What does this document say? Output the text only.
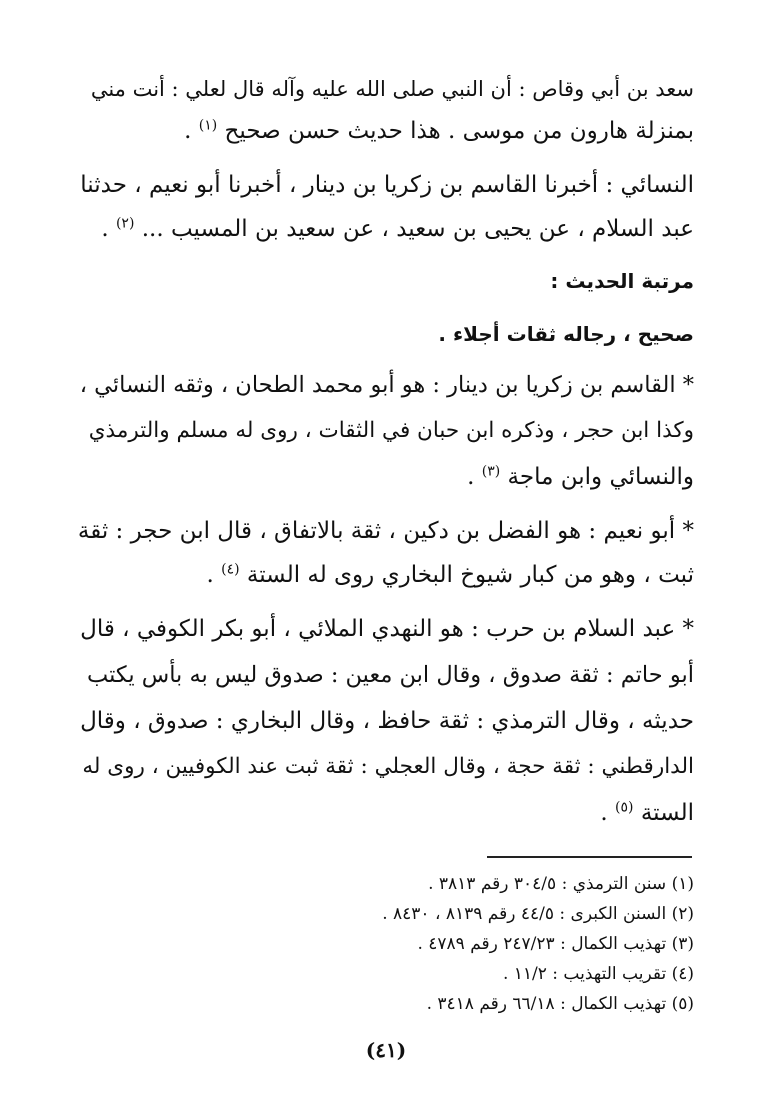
سعد بن أبي وقاص : أن النبي صلى الله عليه وآله قال لعلي : أنت مني
بمنزلة هارون من موسى . هذا حديث حسن صحيح $^{(١)}$ .
النسائي : أخبرنا القاسم بن زكريا بن دينار ، أخبرنا أبو نعيم ، حدثنا
عبد السلام ، عن يحيى بن سعيد ، عن سعيد بن المسيب ... $^{(٢)}$ .
مرتبة الحديث :
صحيح ، رجاله ثقات أجلاء .
* القاسم بن زكريا بن دينار : هو أبو محمد الطحان ، وثقه النسائي ،
وكذا ابن حجر ، وذكره ابن حبان في الثقات ، روى له مسلم والترمذي
والنسائي وابن ماجة $^{(٣)}$ .
* أبو نعيم : هو الفضل بن دكين ، ثقة بالاتفاق ، قال ابن حجر : ثقة
ثبت ، وهو من كبار شيوخ البخاري روى له الستة $^{(٤)}$ .
* عبد السلام بن حرب : هو النهدي الملائي ، أبو بكر الكوفي ، قال
أبو حاتم : ثقة صدوق ، وقال ابن معين : صدوق ليس به بأس يكتب
حديثه ، وقال الترمذي : ثقة حافظ ، وقال البخاري : صدوق ، وقال
الدارقطني : ثقة حجة ، وقال العجلي : ثقة ثبت عند الكوفيين ، روى له
الستة $^{(٥)}$ .
(١) سنن الترمذي : ٣٠٤/٥ رقم ٣٨١٣ .
(٢) السنن الكبرى : ٤٤/٥ رقم ٨١٣٩ ، ٨٤٣٠ .
(٣) تهذيب الكمال : ٢٤٧/٢٣ رقم ٤٧٨٩ .
(٤) تقريب التهذيب : ١١/٢ .
(٥) تهذيب الكمال : ٦٦/١٨ رقم ٣٤١٨ .
(٤١)
